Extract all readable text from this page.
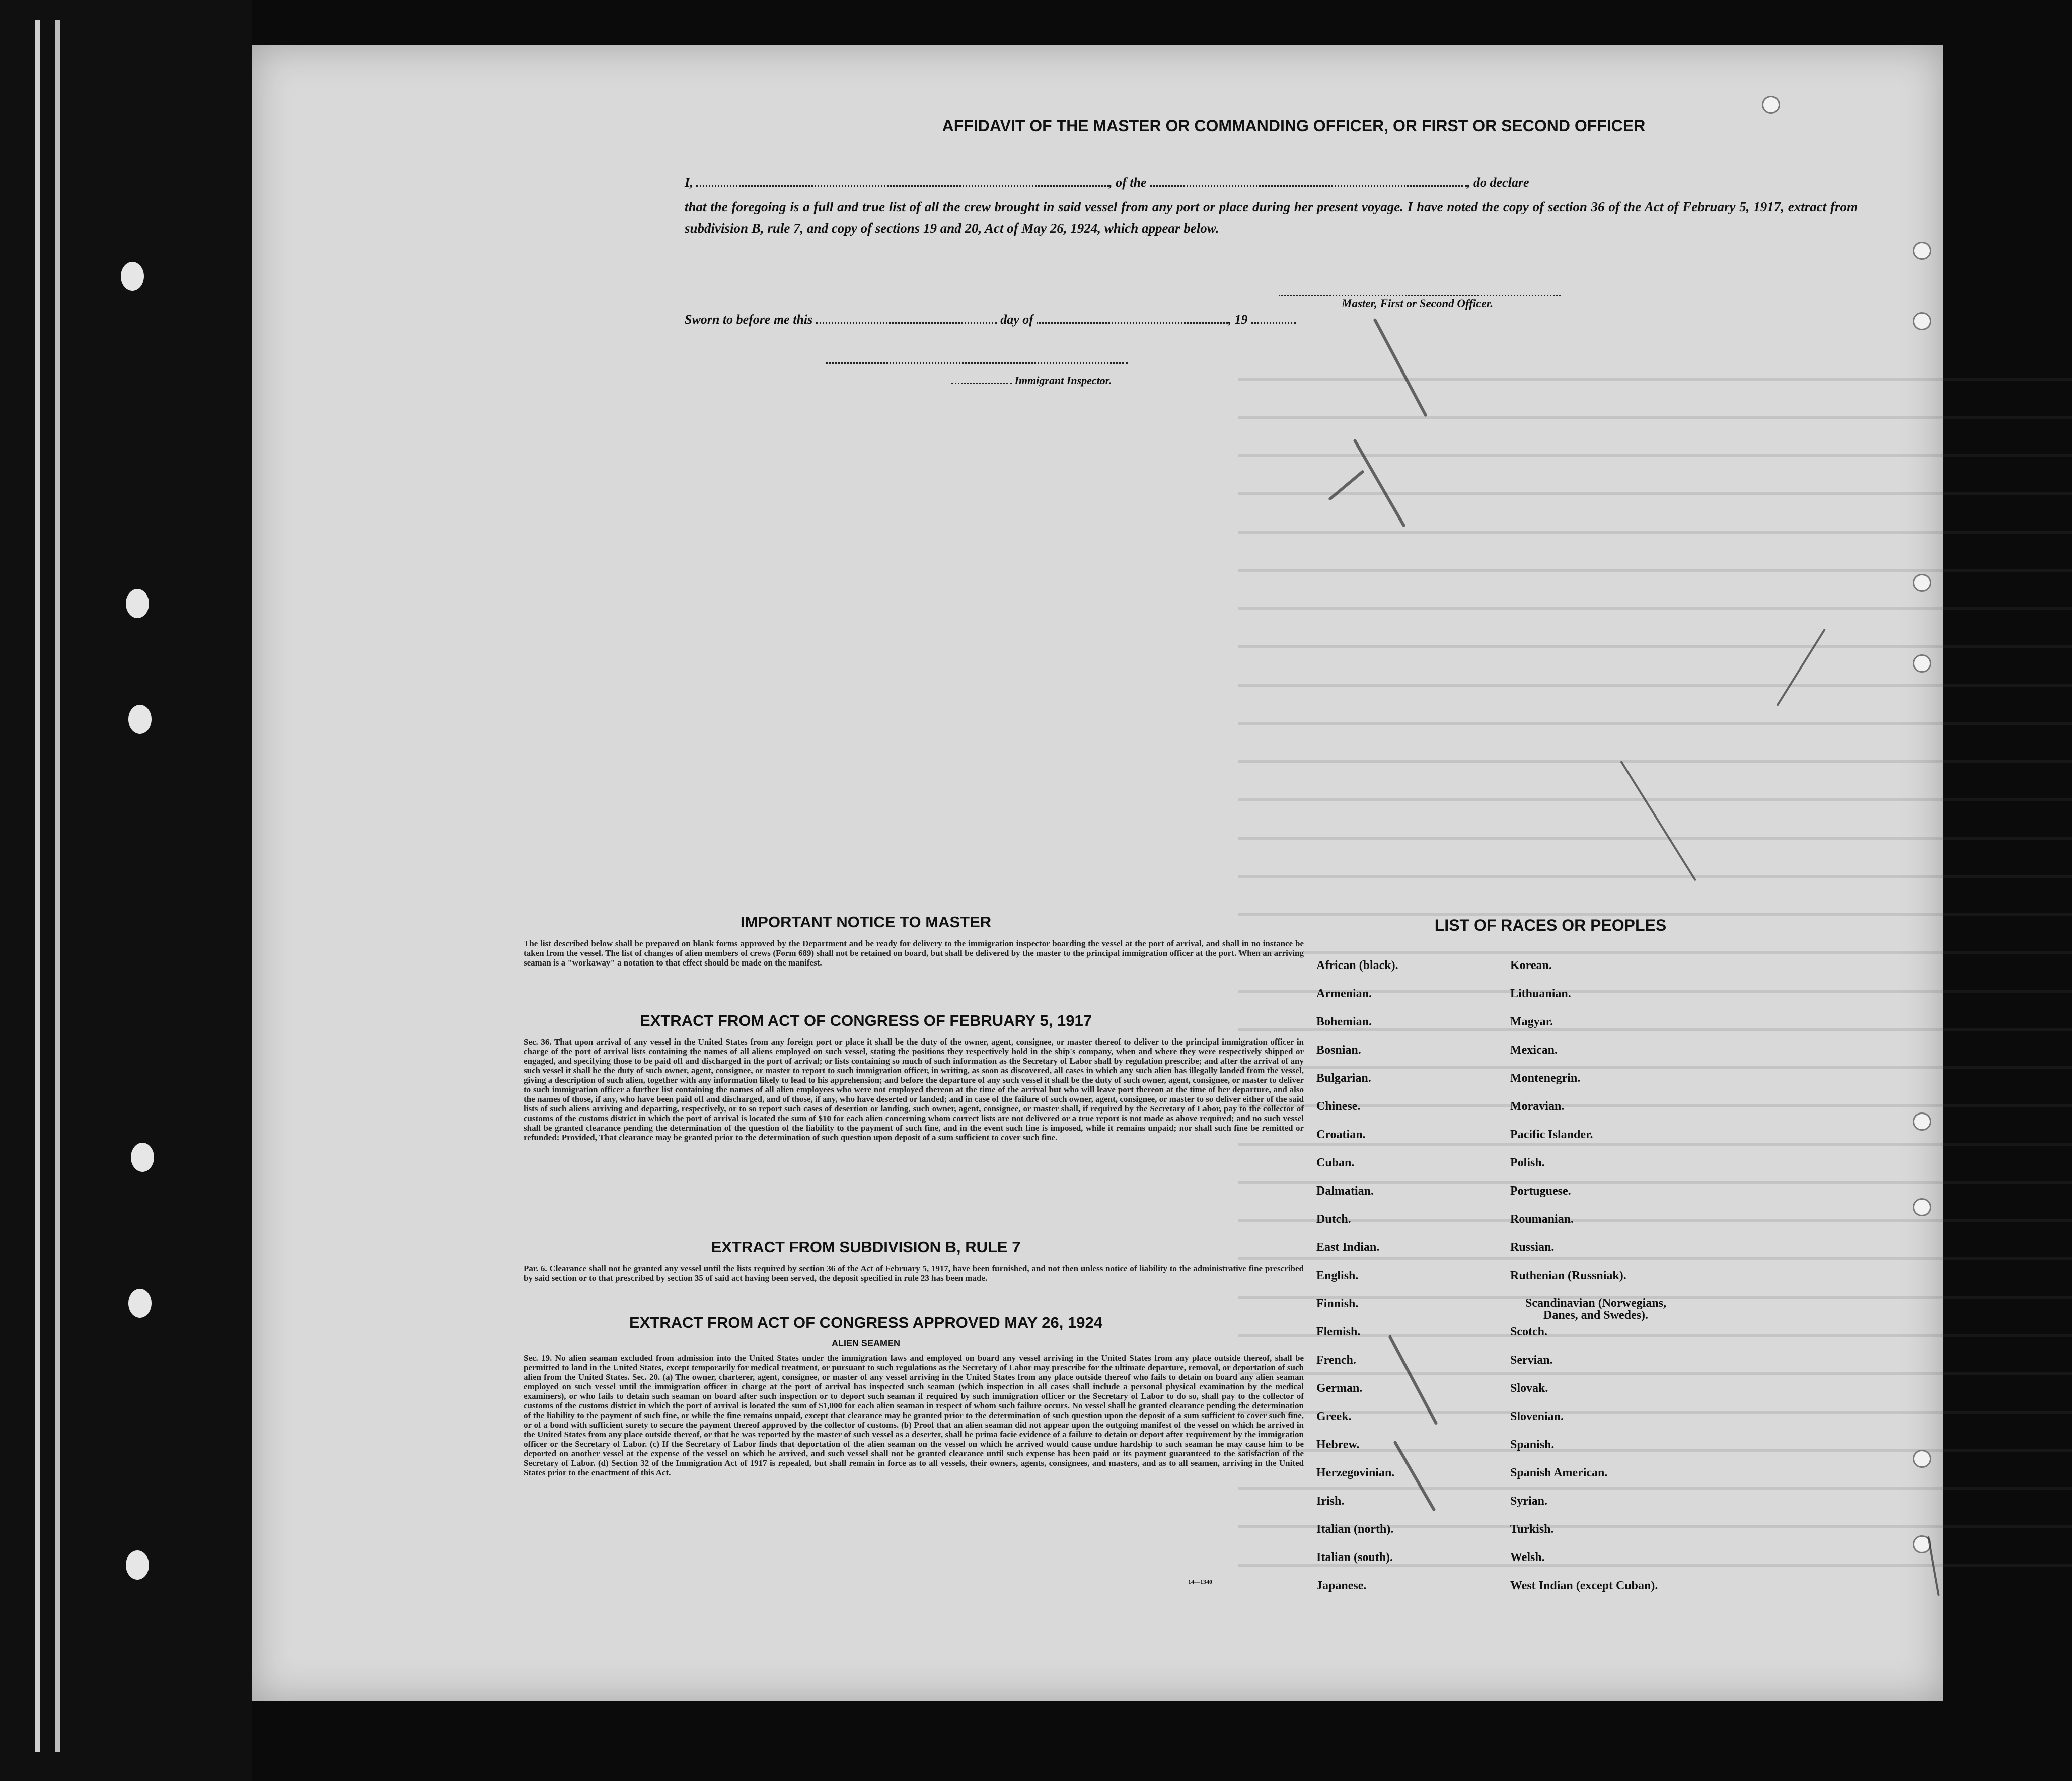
AFFIDAVIT OF THE MASTER OR COMMANDING OFFICER, OR FIRST OR SECOND OFFICER
I,	, of the	, do declare
that the foregoing is a full and true list of all the crew brought in said vessel from any port or place during her present voyage. I have noted the copy of section 36 of the Act of February 5, 1917, extract from subdivision B, rule 7, and copy of sections 19 and 20, Act of May 26, 1924, which appear below.
Master, First or Second Officer.
Sworn to before me this	day of	, 19
Immigrant Inspector.
IMPORTANT NOTICE TO MASTER
The list described below shall be prepared on blank forms approved by the Department and be ready for delivery to the immigration inspector boarding the vessel at the port of arrival, and shall in no instance be taken from the vessel. The list of changes of alien members of crews (Form 689) shall not be retained on board, but shall be delivered by the master to the principal immigration officer at the port. When an arriving seaman is a "workaway" a notation to that effect should be made on the manifest.
EXTRACT FROM ACT OF CONGRESS OF FEBRUARY 5, 1917
Sec. 36. That upon arrival of any vessel in the United States from any foreign port or place it shall be the duty of the owner, agent, consignee, or master thereof to deliver to the principal immigration officer in charge of the port of arrival lists containing the names of all aliens employed on such vessel, stating the positions they respectively hold in the ship's company, when and where they were respectively shipped or engaged, and specifying those to be paid off and discharged in the port of arrival; or lists containing so much of such information as the Secretary of Labor shall by regulation prescribe; and after the arrival of any such vessel it shall be the duty of such owner, agent, consignee, or master to report to such immigration officer, in writing, as soon as discovered, all cases in which any such alien has illegally landed from the vessel, giving a description of such alien, together with any information likely to lead to his apprehension; and before the departure of any such vessel it shall be the duty of such owner, agent, consignee, or master to deliver to such immigration officer a further list containing the names of all alien employees who were not employed thereon at the time of the arrival but who will leave port thereon at the time of her departure, and also the names of those, if any, who have been paid off and discharged, and of those, if any, who have deserted or landed; and in case of the failure of such owner, agent, consignee, or master to so deliver either of the said lists of such aliens arriving and departing, respectively, or to so report such cases of desertion or landing, such owner, agent, consignee, or master shall, if required by the Secretary of Labor, pay to the collector of customs of the customs district in which the port of arrival is located the sum of $10 for each alien concerning whom correct lists are not delivered or a true report is not made as above required; and no such vessel shall be granted clearance pending the determination of the question of the liability to the payment of such fine, and in the event such fine is imposed, while it remains unpaid; nor shall such fine be remitted or refunded: Provided, That clearance may be granted prior to the determination of such question upon deposit of a sum sufficient to cover such fine.
EXTRACT FROM SUBDIVISION B, RULE 7
Par. 6. Clearance shall not be granted any vessel until the lists required by section 36 of the Act of February 5, 1917, have been furnished, and not then unless notice of liability to the administrative fine prescribed by said section or to that prescribed by section 35 of said act having been served, the deposit specified in rule 23 has been made.
EXTRACT FROM ACT OF CONGRESS APPROVED MAY 26, 1924
ALIEN SEAMEN
Sec. 19. No alien seaman excluded from admission into the United States under the immigration laws and employed on board any vessel arriving in the United States from any place outside thereof, shall be permitted to land in the United States, except temporarily for medical treatment, or pursuant to such regulations as the Secretary of Labor may prescribe for the ultimate departure, removal, or deportation of such alien from the United States. Sec. 20. (a) The owner, charterer, agent, consignee, or master of any vessel arriving in the United States from any place outside thereof who fails to detain on board any alien seaman employed on such vessel until the immigration officer in charge at the port of arrival has inspected such seaman (which inspection in all cases shall include a personal physical examination by the medical examiners), or who fails to detain such seaman on board after such inspection or to deport such seaman if required by such immigration officer or the Secretary of Labor to do so, shall pay to the collector of customs of the customs district in which the port of arrival is located the sum of $1,000 for each alien seaman in respect of whom such failure occurs. No vessel shall be granted clearance pending the determination of the liability to the payment of such fine, or while the fine remains unpaid, except that clearance may be granted prior to the determination of such question upon the deposit of a sum sufficient to cover such fine, or of a bond with sufficient surety to secure the payment thereof approved by the collector of customs. (b) Proof that an alien seaman did not appear upon the outgoing manifest of the vessel on which he arrived in the United States from any place outside thereof, or that he was reported by the master of such vessel as a deserter, shall be prima facie evidence of a failure to detain or deport after requirement by the immigration officer or the Secretary of Labor. (c) If the Secretary of Labor finds that deportation of the alien seaman on the vessel on which he arrived would cause undue hardship to such seaman he may cause him to be deported on another vessel at the expense of the vessel on which he arrived, and such vessel shall not be granted clearance until such expense has been paid or its payment guaranteed to the satisfaction of the Secretary of Labor. (d) Section 32 of the Immigration Act of 1917 is repealed, but shall remain in force as to all vessels, their owners, agents, consignees, and masters, and as to all seamen, arriving in the United States prior to the enactment of this Act.
14—1340
LIST OF RACES OR PEOPLES
African (black).
Armenian.
Bohemian.
Bosnian.
Bulgarian.
Chinese.
Croatian.
Cuban.
Dalmatian.
Dutch.
East Indian.
English.
Finnish.
Flemish.
French.
German.
Greek.
Hebrew.
Herzegovinian.
Irish.
Italian (north).
Italian (south).
Japanese.
Korean.
Lithuanian.
Magyar.
Mexican.
Montenegrin.
Moravian.
Pacific Islander.
Polish.
Portuguese.
Roumanian.
Russian.
Ruthenian (Russniak).
Scandinavian (Norwegians, Danes, and Swedes).
Scotch.
Servian.
Slovak.
Slovenian.
Spanish.
Spanish American.
Syrian.
Turkish.
Welsh.
West Indian (except Cuban).
